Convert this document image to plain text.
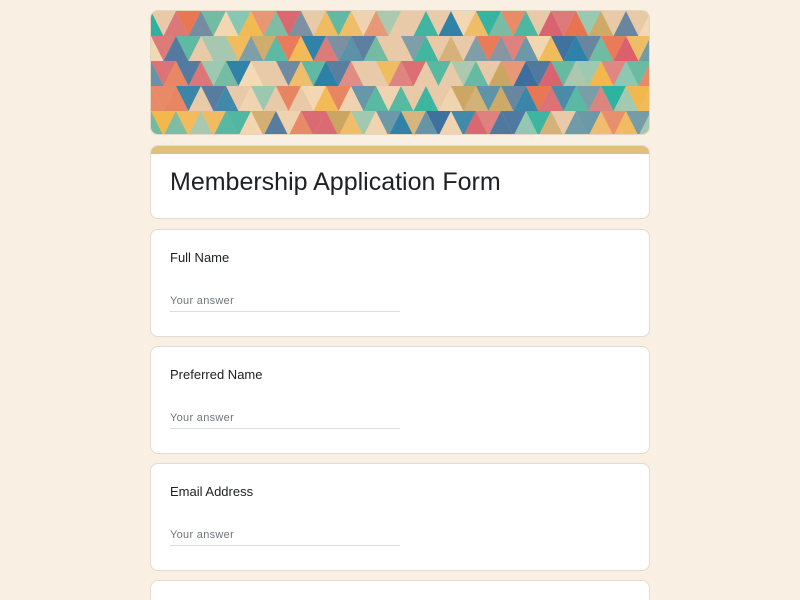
Membership Application Form
Full Name
Your answer
Preferred Name
Your answer
Email Address
Your answer
